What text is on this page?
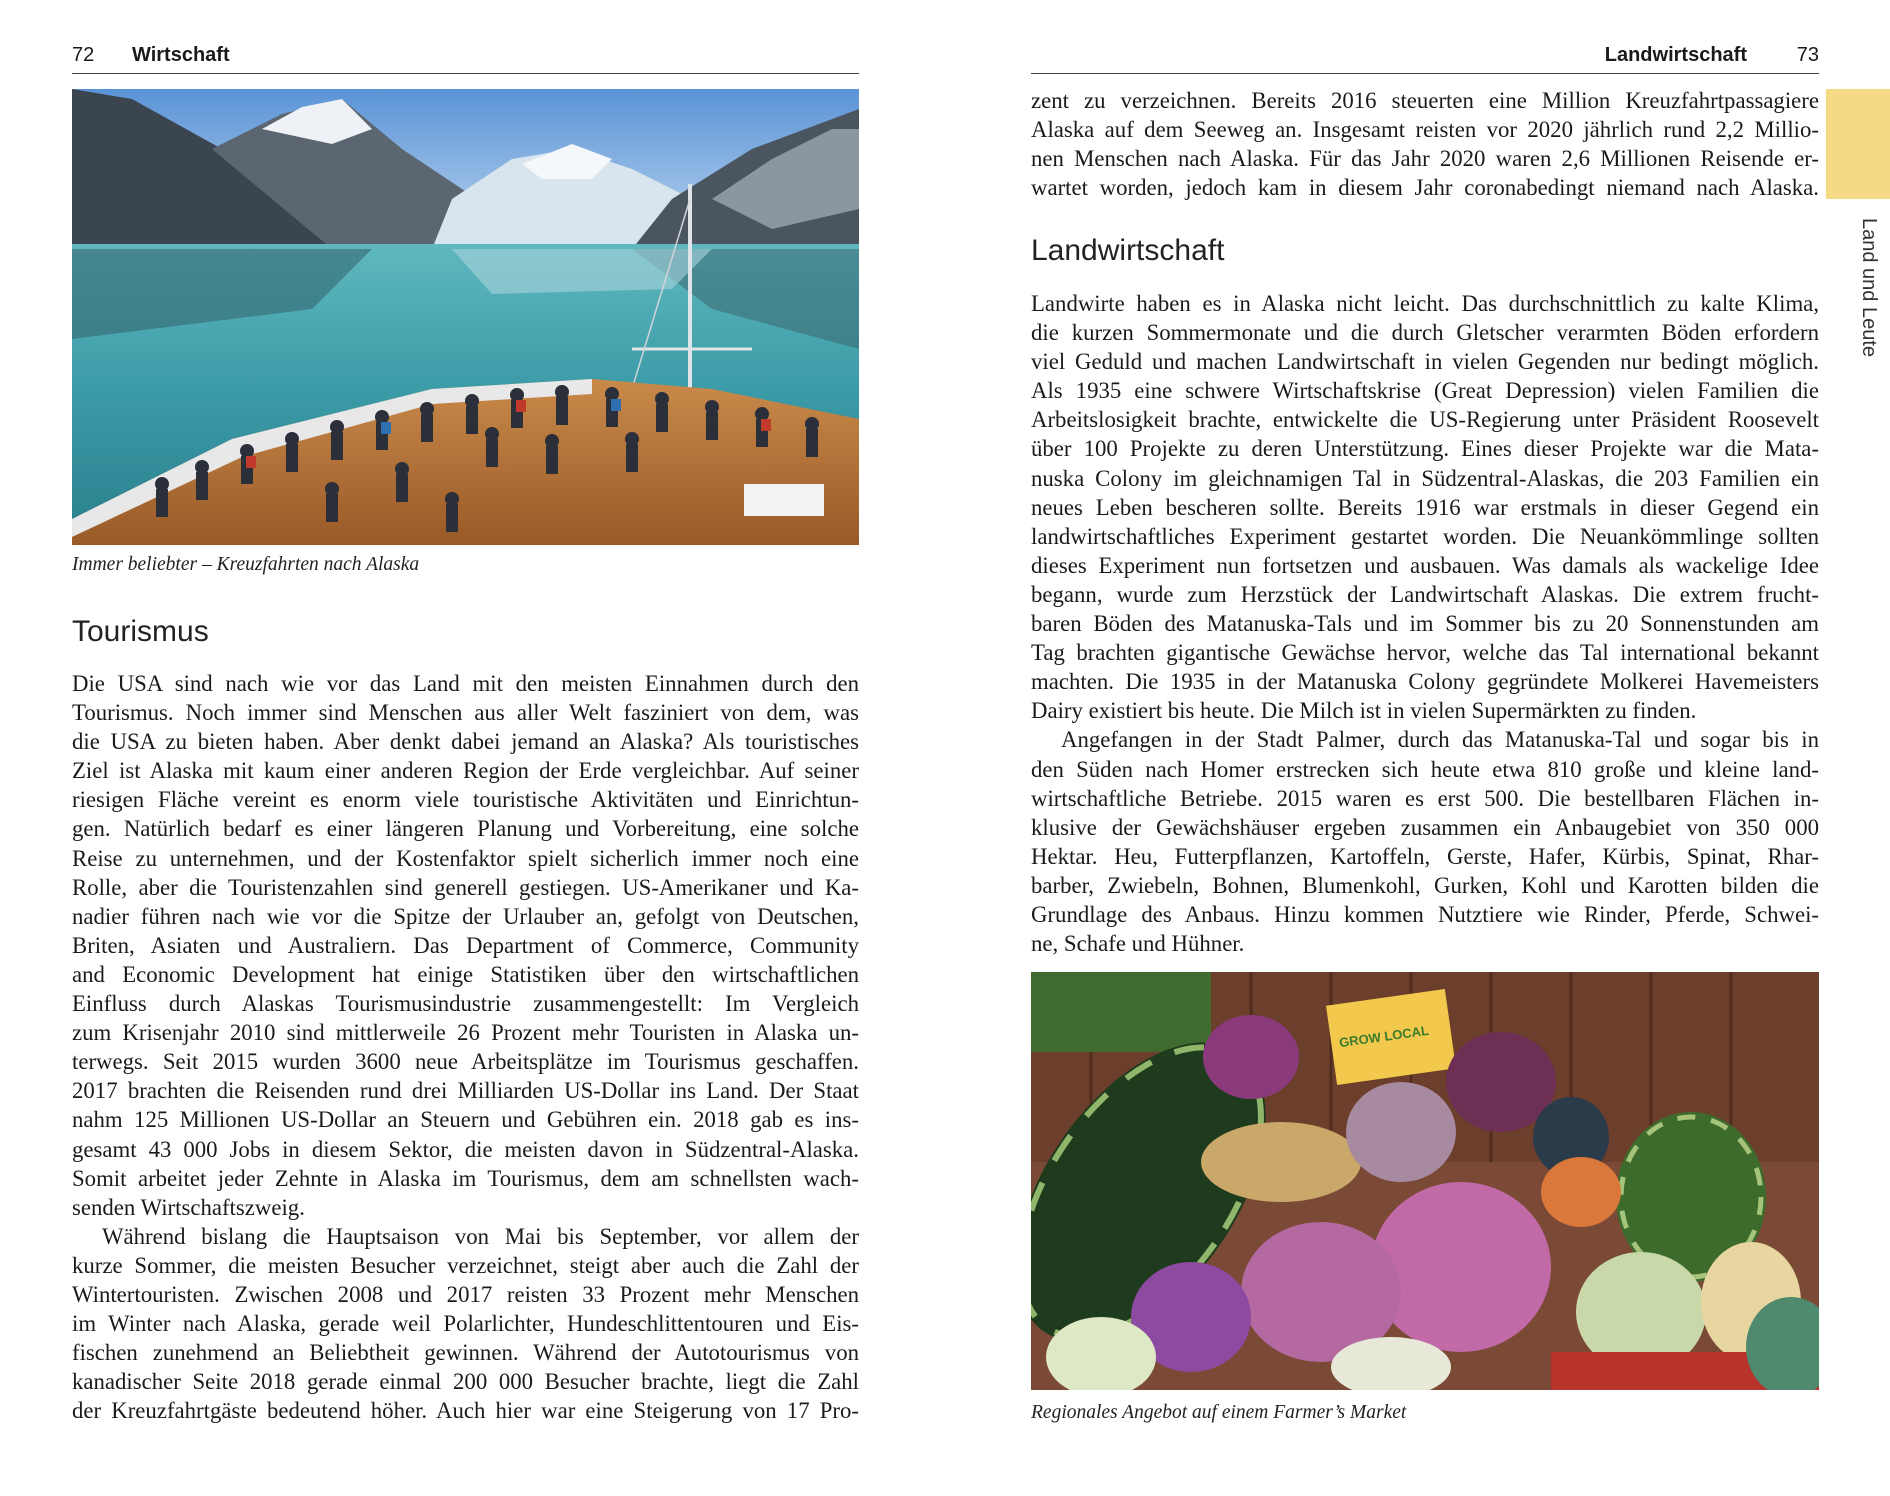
72 Wirtschaft	Landwirtschaft 73
Immer beliebter – Kreuzfahrten nach Alaska
Tourismus
Die USA sind nach wie vor das Land mit den meisten Einnahmen durch den
Tourismus. Noch immer sind Menschen aus aller Welt fasziniert von dem, was
die USA zu bieten haben. Aber denkt dabei jemand an Alaska? Als touristisches
Ziel ist Alaska mit kaum einer anderen Region der Erde vergleichbar. Auf seiner
riesigen Fläche vereint es enorm viele touristische Aktivitäten und Einrichtun-
gen. Natürlich bedarf es einer längeren Planung und Vorbereitung, eine solche
Reise zu unternehmen, und der Kostenfaktor spielt sicherlich immer noch eine
Rolle, aber die Touristenzahlen sind generell gestiegen. US-Amerikaner und Ka-
nadier führen nach wie vor die Spitze der Urlauber an, gefolgt von Deutschen,
Briten, Asiaten und Australiern. Das Department of Commerce, Community
and Economic Development hat einige Statistiken über den wirtschaftlichen
Einfluss durch Alaskas Tourismusindustrie zusammengestellt: Im Vergleich
zum Krisenjahr 2010 sind mittlerweile 26 Prozent mehr Touristen in Alaska un-
terwegs. Seit 2015 wurden 3600 neue Arbeitsplätze im Tourismus geschaffen.
2017 brachten die Reisenden rund drei Milliarden US-Dollar ins Land. Der Staat
nahm 125 Millionen US-Dollar an Steuern und Gebühren ein. 2018 gab es ins-
gesamt 43 000 Jobs in diesem Sektor, die meisten davon in Südzentral-Alaska.
Somit arbeitet jeder Zehnte in Alaska im Tourismus, dem am schnellsten wach-
senden Wirtschaftszweig.
Während bislang die Hauptsaison von Mai bis September, vor allem der
kurze Sommer, die meisten Besucher verzeichnet, steigt aber auch die Zahl der
Wintertouristen. Zwischen 2008 und 2017 reisten 33 Prozent mehr Menschen
im Winter nach Alaska, gerade weil Polarlichter, Hundeschlittentouren und Eis-
fischen zunehmend an Beliebtheit gewinnen. Während der Autotourismus von
kanadischer Seite 2018 gerade einmal 200 000 Besucher brachte, liegt die Zahl
der Kreuzfahrtgäste bedeutend höher. Auch hier war eine Steigerung von 17 Pro-
zent zu verzeichnen. Bereits 2016 steuerten eine Million Kreuzfahrtpassagiere
Alaska auf dem Seeweg an. Insgesamt reisten vor 2020 jährlich rund 2,2 Millio-
nen Menschen nach Alaska. Für das Jahr 2020 waren 2,6 Millionen Reisende er-
wartet worden, jedoch kam in diesem Jahr coronabedingt niemand nach Alaska.
Landwirtschaft
Landwirte haben es in Alaska nicht leicht. Das durchschnittlich zu kalte Klima,
die kurzen Sommermonate und die durch Gletscher verarmten Böden erfordern
viel Geduld und machen Landwirtschaft in vielen Gegenden nur bedingt möglich.
Als 1935 eine schwere Wirtschaftskrise (Great Depression) vielen Familien die
Arbeitslosigkeit brachte, entwickelte die US-Regierung unter Präsident Roosevelt
über 100 Projekte zu deren Unterstützung. Eines dieser Projekte war die Mata-
nuska Colony im gleichnamigen Tal in Südzentral-Alaskas, die 203 Familien ein
neues Leben bescheren sollte. Bereits 1916 war erstmals in dieser Gegend ein
landwirtschaftliches Experiment gestartet worden. Die Neuankömmlinge sollten
dieses Experiment nun fortsetzen und ausbauen. Was damals als wackelige Idee
begann, wurde zum Herzstück der Landwirtschaft Alaskas. Die extrem frucht-
baren Böden des Matanuska-Tals und im Sommer bis zu 20 Sonnenstunden am
Tag brachten gigantische Gewächse hervor, welche das Tal international bekannt
machten. Die 1935 in der Matanuska Colony gegründete Molkerei Havemeisters
Dairy existiert bis heute. Die Milch ist in vielen Supermärkten zu finden.
Angefangen in der Stadt Palmer, durch das Matanuska-Tal und sogar bis in
den Süden nach Homer erstrecken sich heute etwa 810 große und kleine land-
wirtschaftliche Betriebe. 2015 waren es erst 500. Die bestellbaren Flächen in-
klusive der Gewächshäuser ergeben zusammen ein Anbaugebiet von 350 000
Hektar. Heu, Futterpflanzen, Kartoffeln, Gerste, Hafer, Kürbis, Spinat, Rhar-
barber, Zwiebeln, Bohnen, Blumenkohl, Gurken, Kohl und Karotten bilden die
Grundlage des Anbaus. Hinzu kommen Nutztiere wie Rinder, Pferde, Schwei-
ne, Schafe und Hühner.
GROW LOCAL
Regionales Angebot auf einem Farmer’s Market
Land und Leute
